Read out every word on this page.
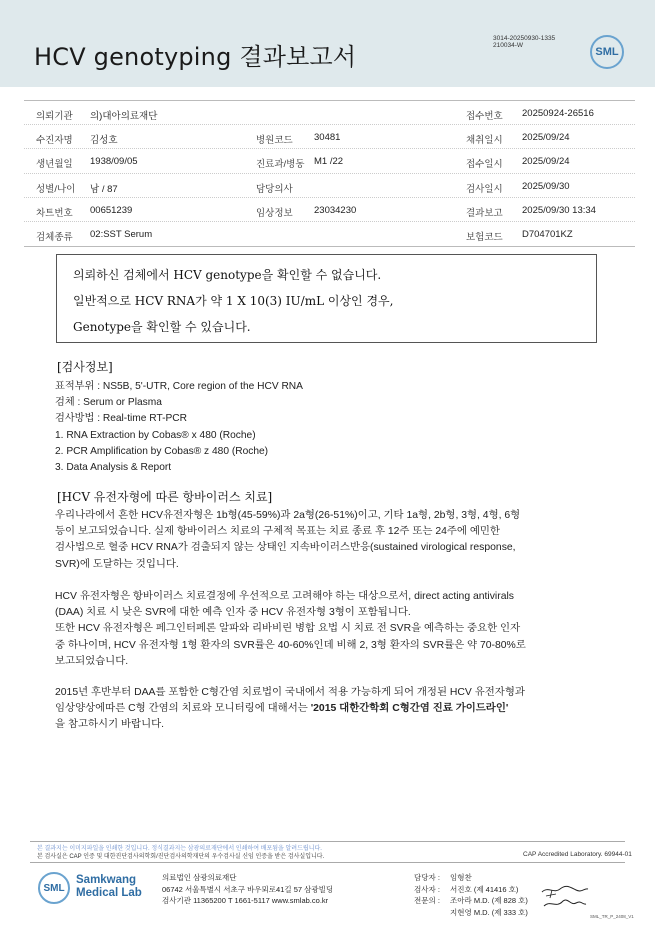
HCV genotyping 결과보고서
3014-20250930-1335
210034-W
SML
의뢰기관 의)대아의료재단	접수번호 20250924-26516
수진자명 김성호	병원코드 30481	채취일시 2025/09/24
생년월일 1938/09/05	진료과/병동 M1 /22	접수일시 2025/09/24
성별/나이 남 / 87	담당의사	검사일시 2025/09/30
차트번호 00651239	임상정보 23034230	결과보고 2025/09/30 13:34
검체종류 02:SST Serum	보험코드 D704701KZ
의뢰하신 검체에서 HCV genotype을 확인할 수 없습니다.
일반적으로 HCV RNA가 약 1 X 10(3) IU/mL 이상인 경우,
Genotype을 확인할 수 있습니다.
[검사정보]
표적부위 : NS5B, 5'-UTR, Core region of the HCV RNA
검체 : Serum or Plasma
검사방법 : Real-time RT-PCR
1. RNA Extraction by Cobas® x 480 (Roche)
2. PCR Amplification by Cobas® z 480 (Roche)
3. Data Analysis & Report
[HCV 유전자형에 따른 항바이러스 치료]
우리나라에서 흔한 HCV유전자형은 1b형(45-59%)과 2a형(26-51%)이고, 기타 1a형, 2b형, 3형, 4형, 6형
등이 보고되었습니다. 실제 항바이러스 치료의 구체적 목표는 치료 종료 후 12주 또는 24주에 예민한
검사법으로 혈중 HCV RNA가 검출되지 않는 상태인 지속바이러스반응(sustained virological response,
SVR)에 도달하는 것입니다.
HCV 유전자형은 항바이러스 치료결정에 우선적으로 고려해야 하는 대상으로서, direct acting antivirals
(DAA) 치료 시 낮은 SVR에 대한 예측 인자 중 HCV 유전자형 3형이 포함됩니다.
또한 HCV 유전자형은 페그인터페론 알파와 리바비린 병합 요법 시 치료 전 SVR을 예측하는 중요한 인자
중 하나이며, HCV 유전자형 1형 환자의 SVR률은 40-60%인데 비해 2, 3형 환자의 SVR률은 약 70-80%로
보고되었습니다.
2015년 후반부터 DAA를 포함한 C형간염 치료법이 국내에서 적용 가능하게 되어 개정된 HCV 유전자형과
임상양상에따른 C형 간염의 치료와 모니터링에 대해서는 '2015 대한간학회 C형간염 진료 가이드라인'
을 참고하시기 바랍니다.
본 결과지는 이미지파일을 인쇄한 것입니다. 정식결과지는 삼광의료재단에서 인쇄하여 배포됨을 알려드립니다.
본 검사실은 CAP 인증 및 대한진단검사의학회/진단검사의학재단의 우수검사실 신임 인증을 받은 검사실입니다.	CAP Accredited Laboratory. 69944-01
SML
Samkwang
Medical Lab
의료법인 삼광의료재단
06742 서울특별시 서초구 바우뫼로41길 57 삼광빌딩
검사기관 11365200 T 1661-5117 www.smlab.co.kr
담당자 : 임형찬
검사자 : 서진호 (제 41416 호)
전문의 : 조아라 M.D. (제 828 호)
지현영 M.D. (제 333 호)	SML_TR_P_2408_V1
